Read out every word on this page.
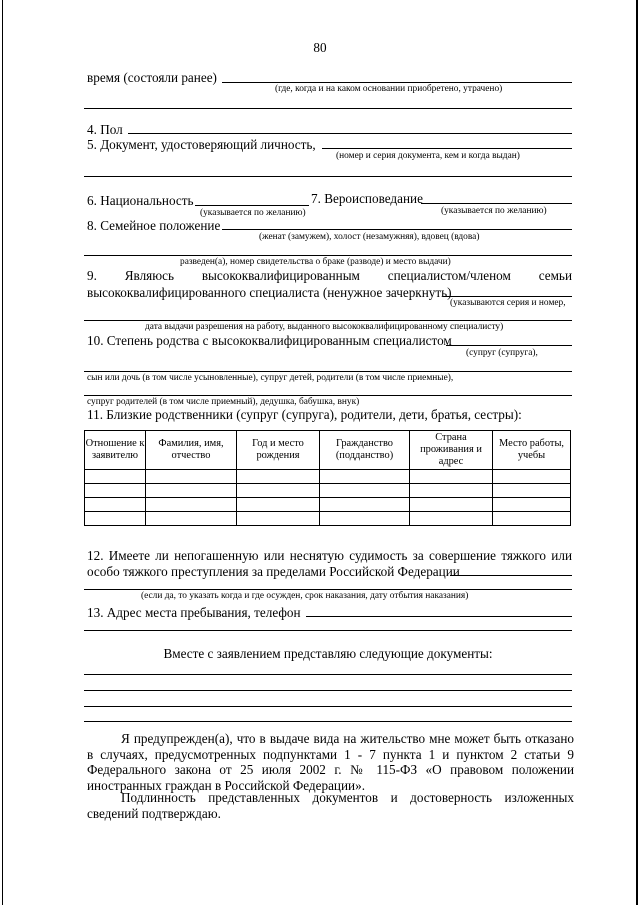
80
время (состояли ранее)
(где, когда и на каком основании приобретено, утрачено)
4. Пол
5. Документ, удостоверяющий личность,
(номер и серия документа, кем и когда выдан)
6. Национальность	7. Вероисповедание
(указывается по желанию)	(указывается по желанию)
8. Семейное положение
(женат (замужем), холост (незамужняя), вдовец (вдова)
разведен(а), номер свидетельства о браке (разводе) и место выдачи)
9. Являюсь высококвалифицированным специалистом/членом семьи
высококвалифицированного специалиста (ненужное зачеркнуть)
(указываются серия и номер,
дата выдачи разрешения на работу, выданного высококвалифицированному специалисту)
10. Степень родства с высококвалифицированным специалистом
(супруг (супруга),
сын или дочь (в том числе усыновленные), супруг детей, родители (в том числе приемные),
супруг родителей (в том числе приемный), дедушка, бабушка, внук)
11. Близкие родственники (супруг (супруга), родители, дети, братья, сестры):
Отношение к заявителю	Фамилия, имя, отчество	Год и место рождения	Гражданство (подданство)	Страна проживания и адрес	Место работы, учебы

12. Имеете ли непогашенную или неснятую судимость за совершение тяжкого или
особо тяжкого преступления за пределами Российской Федерации
(если да, то указать когда и где осужден, срок наказания, дату отбытия наказания)
13. Адрес места пребывания, телефон
Вместе с заявлением представляю следующие документы:
Я предупрежден(а), что в выдаче вида на жительство мне может быть отказано в случаях, предусмотренных подпунктами 1 - 7 пункта 1 и пунктом 2 статьи 9 Федерального закона от 25 июля 2002 г. № 115-ФЗ «О правовом положении иностранных граждан в Российской Федерации».
Подлинность представленных документов и достоверность изложенных сведений подтверждаю.
